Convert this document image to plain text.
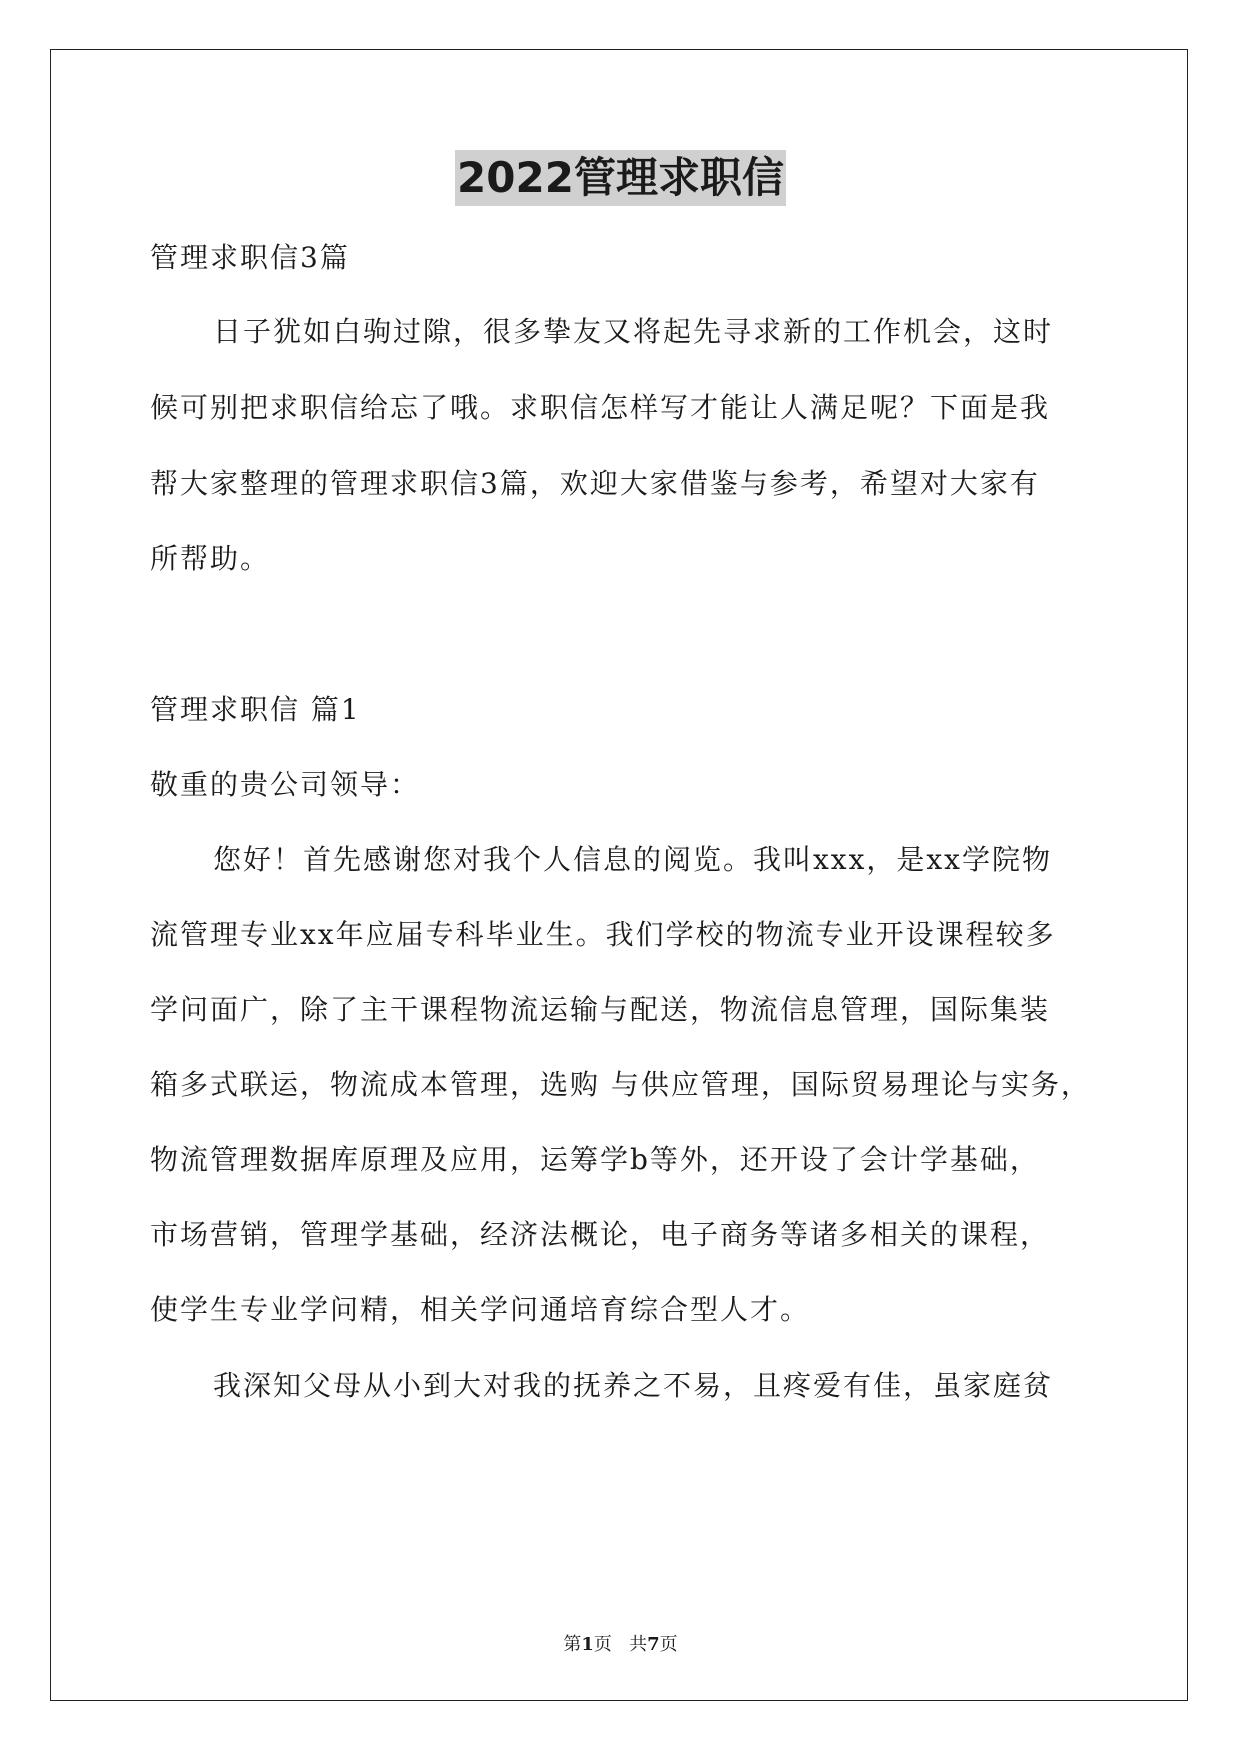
2022管理求职信
管理求职信3篇
日子犹如白驹过隙，很多挚友又将起先寻求新的工作机会，这时
候可别把求职信给忘了哦。求职信怎样写才能让人满足呢？下面是我
帮大家整理的管理求职信3篇，欢迎大家借鉴与参考，希望对大家有
所帮助。
管理求职信 篇1
敬重的贵公司领导：
您好！首先感谢您对我个人信息的阅览。我叫xxx，是xx学院物
流管理专业xx年应届专科毕业生。我们学校的物流专业开设课程较多
学问面广，除了主干课程物流运输与配送，物流信息管理，国际集装
箱多式联运，物流成本管理，选购 与供应管理，国际贸易理论与实务，
物流管理数据库原理及应用，运筹学b等外，还开设了会计学基础，
市场营销，管理学基础，经济法概论，电子商务等诸多相关的课程，
使学生专业学问精，相关学问通培育综合型人才。
我深知父母从小到大对我的抚养之不易，且疼爱有佳，虽家庭贫
第1页 共7页
